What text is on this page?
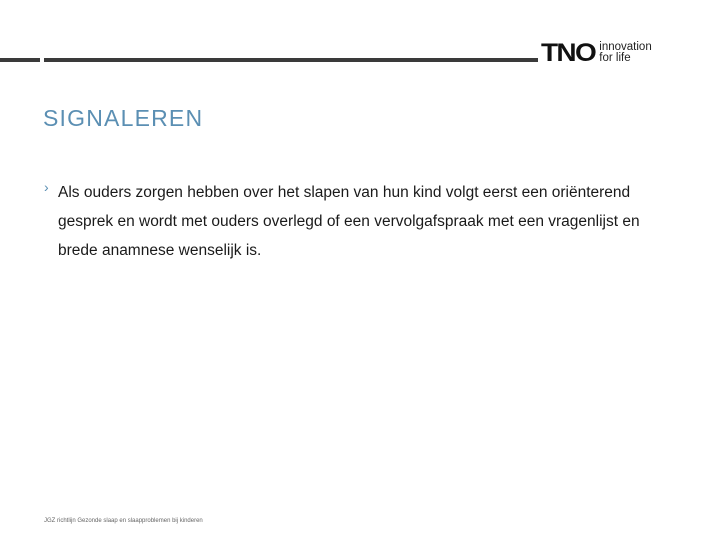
TNO innovation
for life
SIGNALEREN
› Als ouders zorgen hebben over het slapen van hun kind volgt eerst een oriënterend gesprek en wordt met ouders overlegd of een vervolgafspraak met een vragenlijst en brede anamnese wenselijk is.

JGZ richtlijn Gezonde slaap en slaapproblemen bij kinderen
